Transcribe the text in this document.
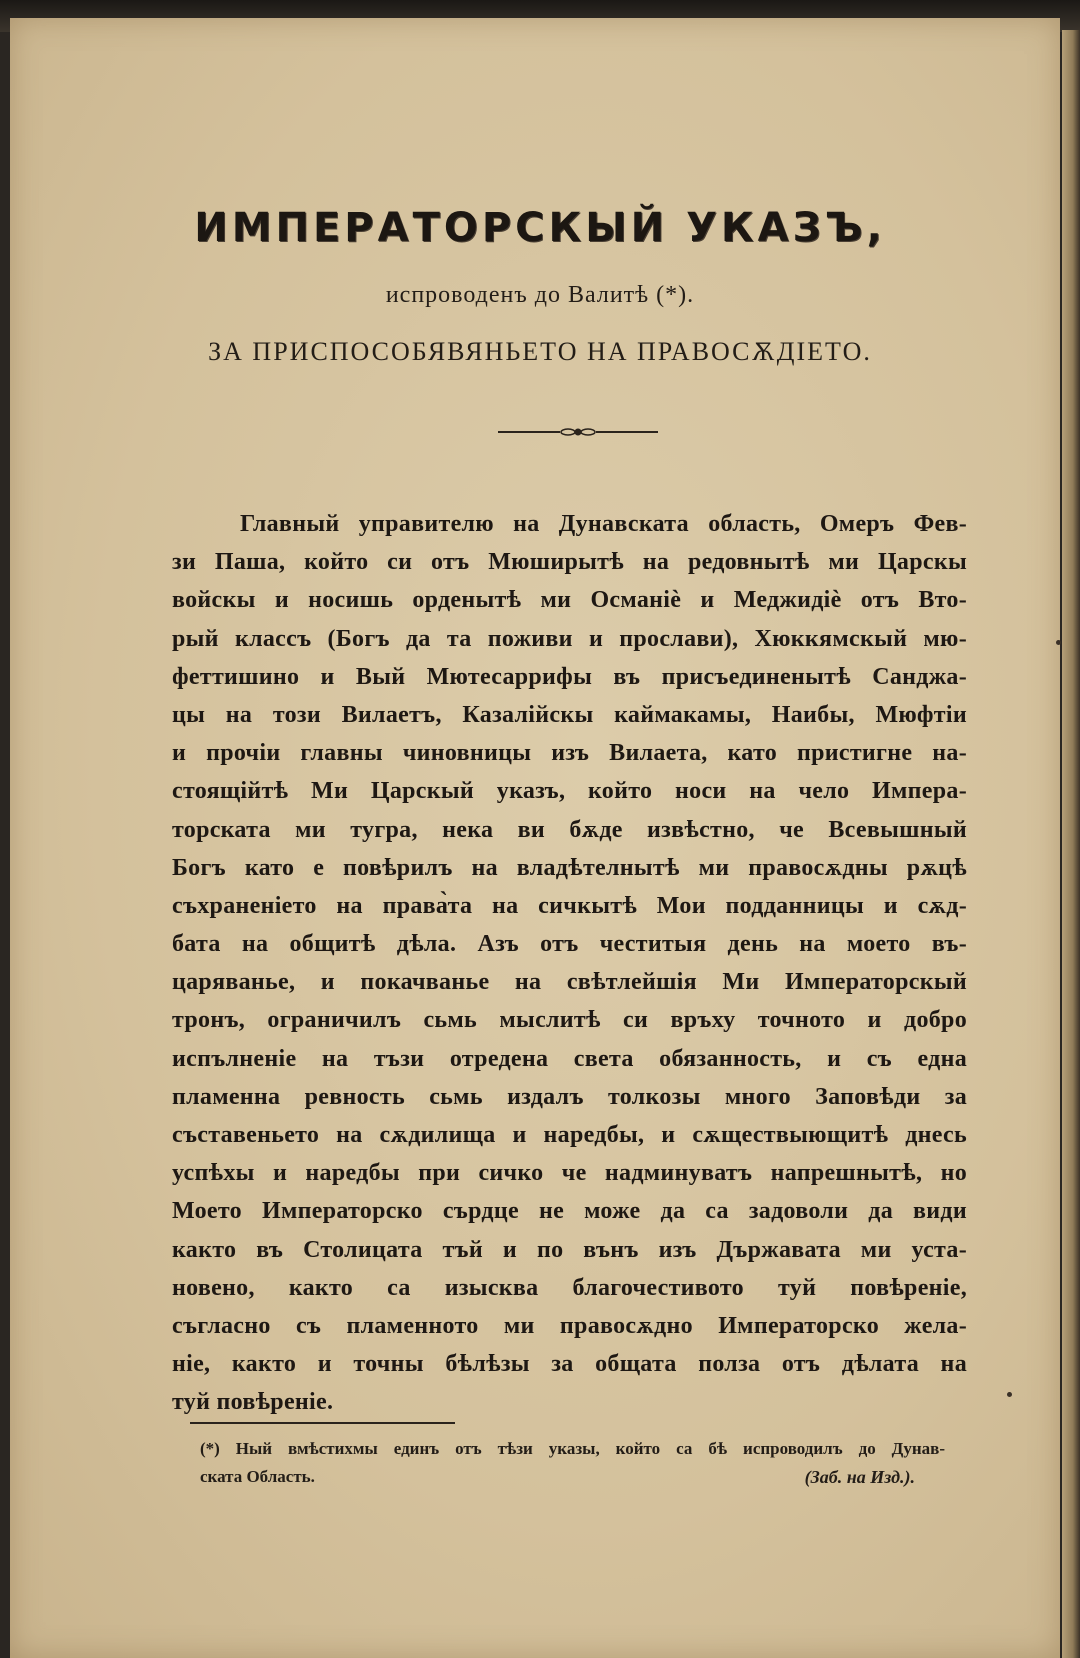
ИМПЕРАТОРСКЫЙ УКАЗЪ,
испроводенъ до Валитѣ (*).
ЗА ПРИСПОСОБЯВЯНЬЕТО НА ПРАВОСѪДІЕТО.
Главный управителю на Дунавската область, Омеръ Фев-
зи Паша, който си отъ Мюширытѣ на редовнытѣ ми Царскы
войскы и носишь орденытѣ ми Османіѐ и Меджидіѐ отъ Вто-
рый классъ (Богъ да та поживи и прослави), Хюккямскый мю-
феттишино и Вый Мютесаррифы въ присъединенытѣ Санджа-
цы на този Вилаетъ, Казалійскы каймакамы, Наибы, Мюфтіи
и прочіи главны чиновницы изъ Вилаета, като пристигне на-
стоящійтѣ Ми Царскый указъ, който носи на чело Импера-
торската ми тугра, нека ви бѫде извѣстно, че Всевышный
Богъ като е повѣрилъ на владѣтелнытѣ ми правосѫдны рѫцѣ
съхраненіето на права̀та на сичкытѣ Мои подданницы и сѫд-
бата на общитѣ дѣла. Азъ отъ честитыя день на моето въ-
царяванье, и покачванье на свѣтлейшія Ми Императорскый
тронъ, ограничилъ сьмь мыслитѣ си връху точното и добро
испълненіе на тъзи отредена света обязанность, и съ една
пламенна ревность сьмь издалъ толкозы много Заповѣди за
съставеньето на сѫдилища и наредбы, и сѫществыющитѣ днесь
успѣхы и наредбы при сичко че надминуватъ напрешнытѣ, но
Моето Императорско сърдце не може да са задоволи да види
както въ Столицата тъй и по вънъ изъ Държавата ми уста-
новено, както са изысква благочестивото туй повѣреніе,
съгласно съ пламенното ми правосѫдно Императорско жела-
ніе, както и точны бѣлѣзы за общата полза отъ дѣлата на
туй повѣреніе.
(*) Ный вмѣстихмы единъ отъ тѣзи указы, който са бѣ испроводилъ до Дунав-
ската Область.	(Заб. на Изд.).
